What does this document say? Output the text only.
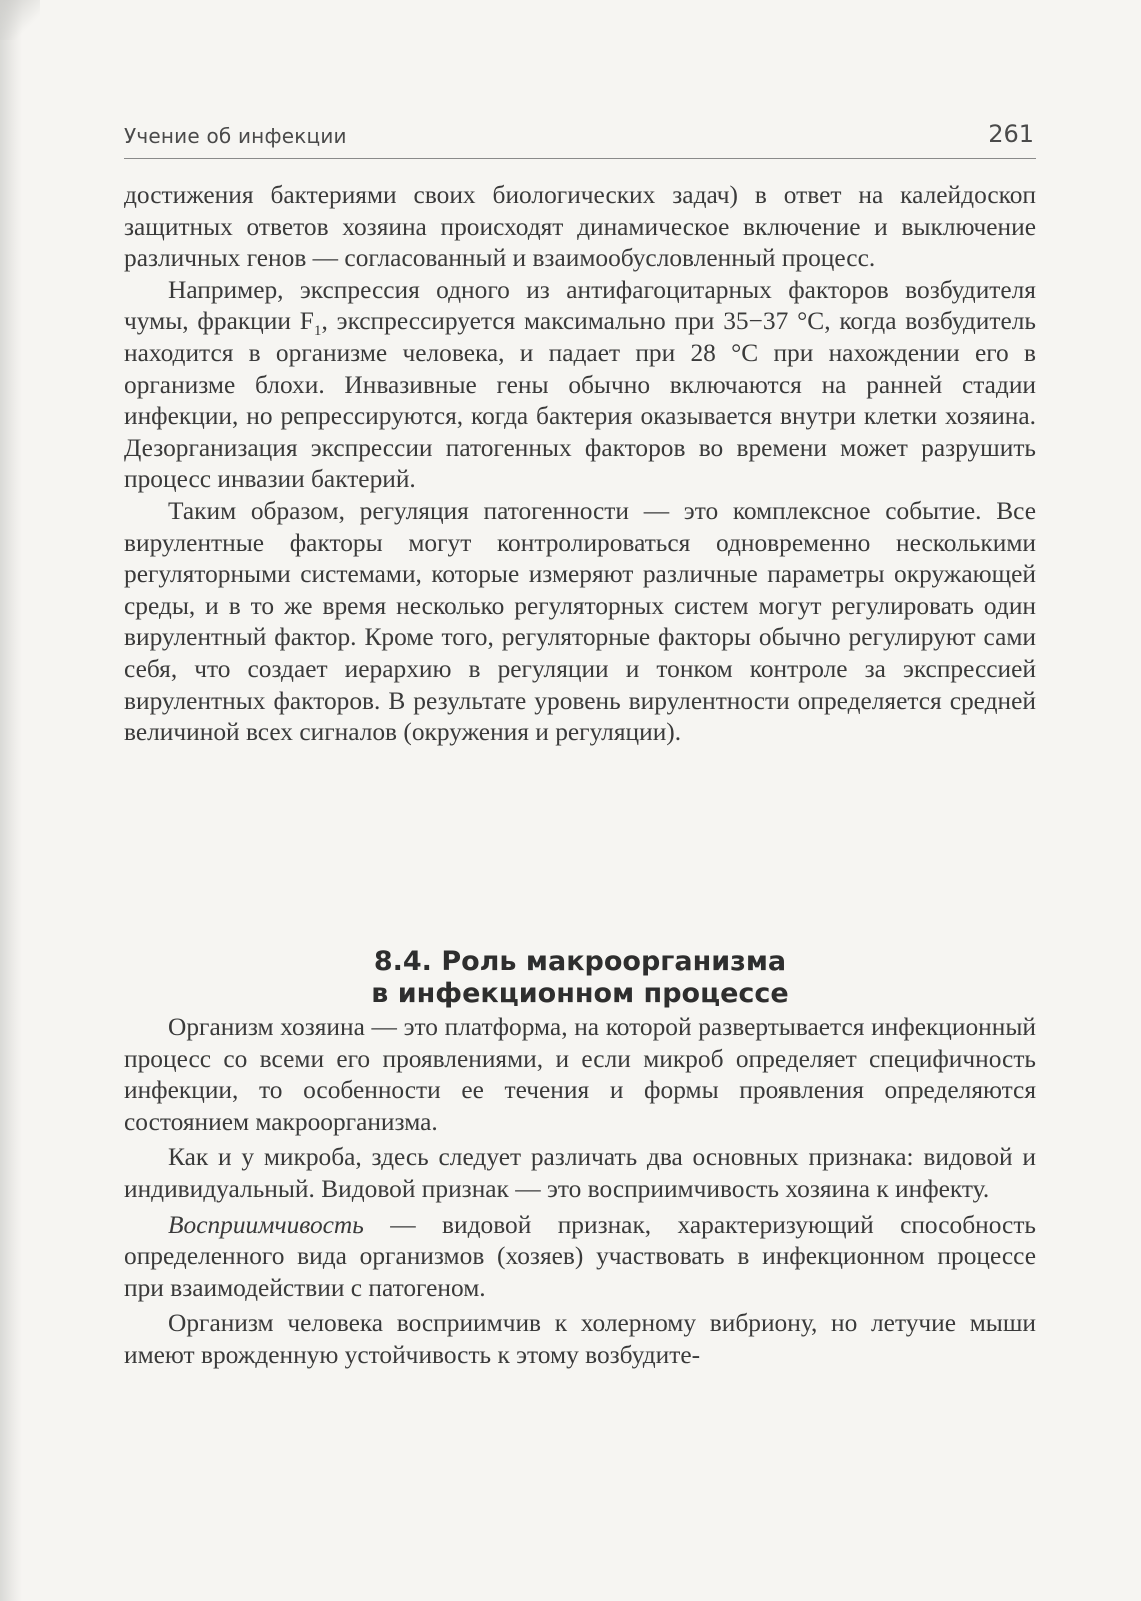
Учение об инфекции	261

достижения бактериями своих биологических задач) в ответ на калейдоскоп защитных ответов хозяина происходят динамическое включение и выключение различных генов — согласованный и взаимообусловленный процесс.

Например, экспрессия одного из антифагоцитарных факторов возбудителя чумы, фракции $F_1$, экспрессируется максимально при 35−37 °C, когда возбудитель находится в организме человека, и падает при 28 °C при нахождении его в организме блохи. Инвазивные гены обычно включаются на ранней стадии инфекции, но репрессируются, когда бактерия оказывается внутри клетки хозяина. Дезорганизация экспрессии патогенных факторов во времени может разрушить процесс инвазии бактерий.

Таким образом, регуляция патогенности — это комплексное событие. Все вирулентные факторы могут контролироваться одновременно несколькими регуляторными системами, которые измеряют различные параметры окружающей среды, и в то же время несколько регуляторных систем могут регулировать один вирулентный фактор. Кроме того, регуляторные факторы обычно регулируют сами себя, что создает иерархию в регуляции и тонком контроле за экспрессией вирулентных факторов. В результате уровень вирулентности определяется средней величиной всех сигналов (окружения и регуляции).

8.4. Роль макроорганизма
в инфекционном процессе

Организм хозяина — это платформа, на которой развертывается инфекционный процесс со всеми его проявлениями, и если микроб определяет специфичность инфекции, то особенности ее течения и формы проявления определяются состоянием макроорганизма.

Как и у микроба, здесь следует различать два основных признака: видовой и индивидуальный. Видовой признак — это восприимчивость хозяина к инфекту.

Восприимчивость — видовой признак, характеризующий способность определенного вида организмов (хозяев) участвовать в инфекционном процессе при взаимодействии с патогеном.

Организм человека восприимчив к холерному вибриону, но летучие мыши имеют врожденную устойчивость к этому возбудите-
